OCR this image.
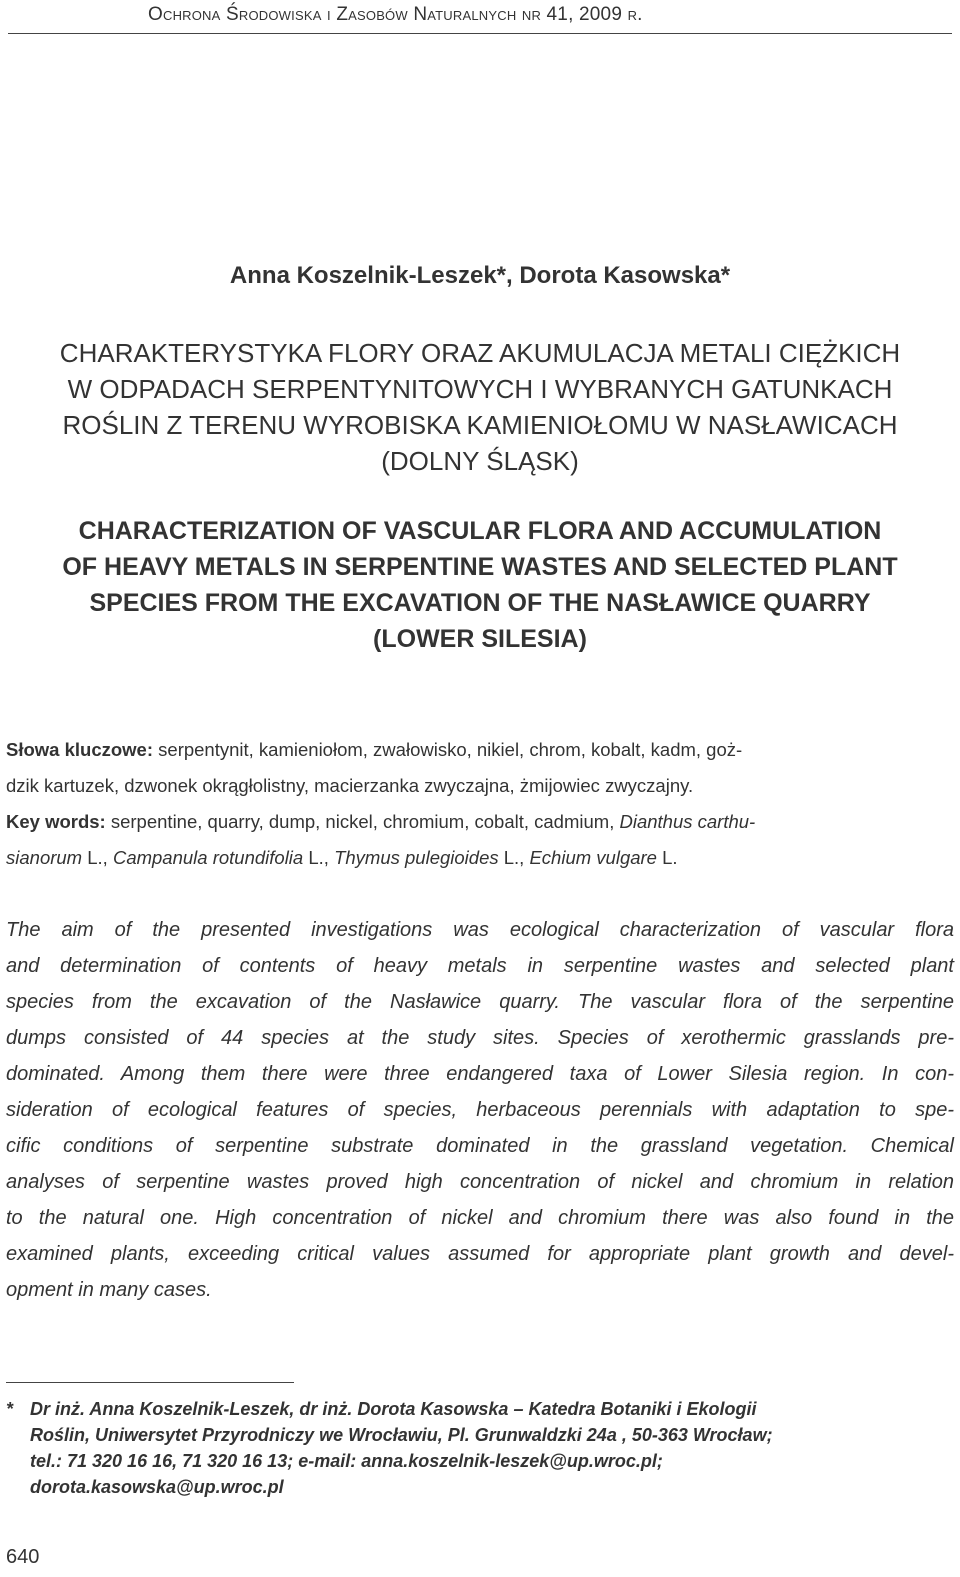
Ochrona Środowiska i Zasobów Naturalnych nr 41, 2009 r.
Anna Koszelnik-Leszek*, Dorota Kasowska*
CHARAKTERYSTYKA FLORY ORAZ AKUMULACJA METALI CIĘŻKICH
W ODPADACH SERPENTYNITOWYCH I WYBRANYCH GATUNKACH
ROŚLIN Z TERENU WYROBISKA KAMIENIOŁOMU W NASŁAWICACH
(DOLNY ŚLĄSK)
CHARACTERIZATION OF VASCULAR FLORA AND ACCUMULATION
OF HEAVY METALS IN SERPENTINE WASTES AND SELECTED PLANT
SPECIES FROM THE EXCAVATION OF THE NASŁAWICE QUARRY
(LOWER SILESIA)
Słowa kluczowe: serpentynit, kamieniołom, zwałowisko, nikiel, chrom, kobalt, kadm, goż-
dzik kartuzek, dzwonek okrągłolistny, macierzanka zwyczajna, żmijowiec zwyczajny.
Key words: serpentine, quarry, dump, nickel, chromium, cobalt, cadmium, Dianthus carthu-
sianorum L., Campanula rotundifolia L., Thymus pulegioides L., Echium vulgare L.
The aim of the presented investigations was ecological characterization of vascular flora
and determination of contents of heavy metals in serpentine wastes and selected plant
species from the excavation of the Nasławice quarry. The vascular flora of the serpentine
dumps consisted of 44 species at the study sites. Species of xerothermic grasslands pre-
dominated. Among them there were three endangered taxa of Lower Silesia region. In con-
sideration of ecological features of species, herbaceous perennials with adaptation to spe-
cific conditions of serpentine substrate dominated in the grassland vegetation. Chemical
analyses of serpentine wastes proved high concentration of nickel and chromium in relation
to the natural one. High concentration of nickel and chromium there was also found in the
examined plants, exceeding critical values assumed for appropriate plant growth and devel-
opment in many cases.
* Dr inż. Anna Koszelnik-Leszek, dr inż. Dorota Kasowska – Katedra Botaniki i Ekologii
Roślin, Uniwersytet Przyrodniczy we Wrocławiu, Pl. Grunwaldzki 24a , 50-363 Wrocław;
tel.: 71 320 16 16, 71 320 16 13; e-mail: anna.koszelnik-leszek@up.wroc.pl;
dorota.kasowska@up.wroc.pl
640
